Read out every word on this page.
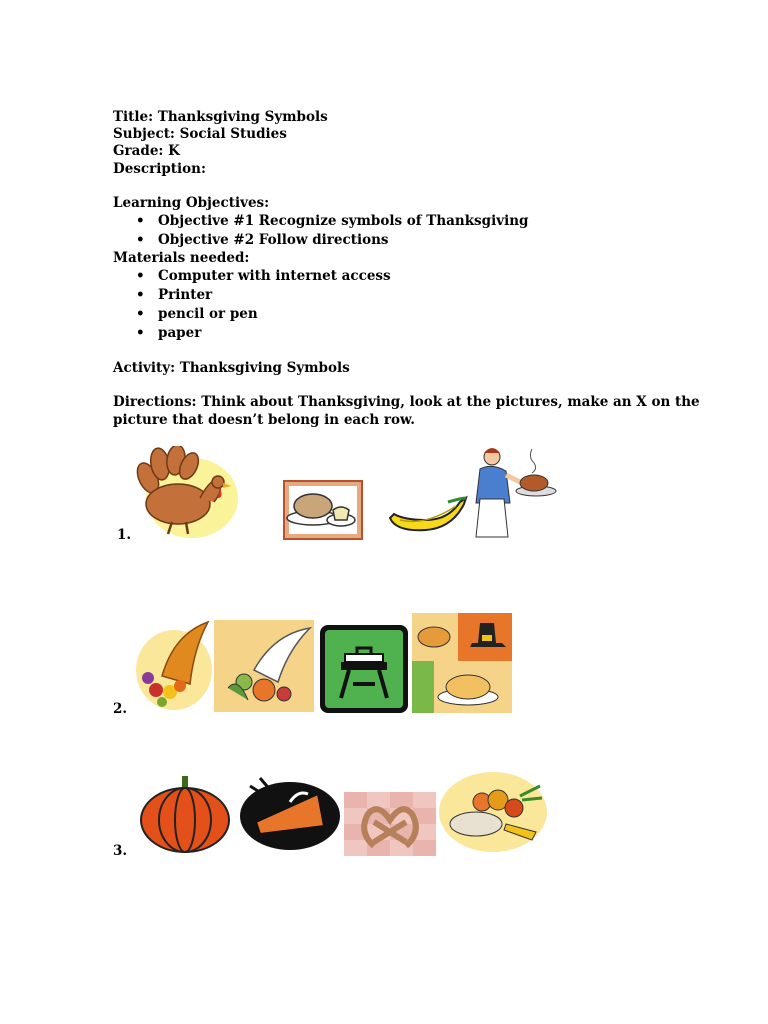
Title: Thanksgiving Symbols
Subject: Social Studies
Grade: K
Description:
Learning Objectives:
• Objective #1 Recognize symbols of Thanksgiving
• Objective #2 Follow directions
Materials needed:
• Computer with internet access
• Printer
• pencil or pen
• paper
Activity: Thanksgiving Symbols
Directions: Think about Thanksgiving, look at the pictures, make an X on the
picture that doesn’t belong in each row.
1.
2.
3.
